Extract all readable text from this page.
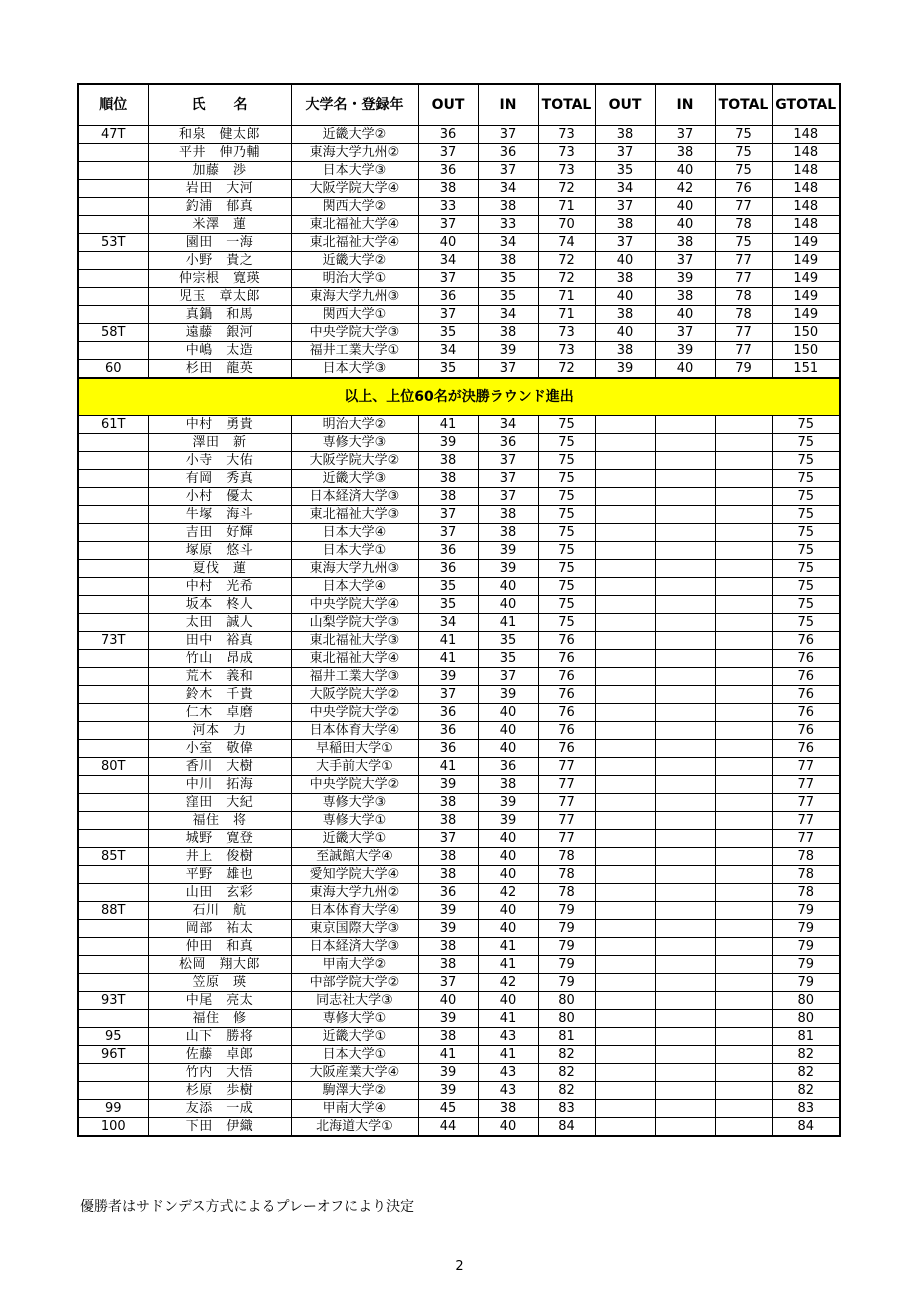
順位	氏　　名	大学名・登録年	OUT	IN	TOTAL	OUT	IN	TOTAL	GTOTAL
47T	和泉　健太郎	近畿大学②	36	37	73	38	37	75	148
	平井　伸乃輔	東海大学九州②	37	36	73	37	38	75	148
	加藤　渉	日本大学③	36	37	73	35	40	75	148
	岩田　大河	大阪学院大学④	38	34	72	34	42	76	148
	釣浦　郁真	関西大学②	33	38	71	37	40	77	148
	米澤　蓮	東北福祉大学④	37	33	70	38	40	78	148
53T	園田　一海	東北福祉大学④	40	34	74	37	38	75	149
	小野　貴之	近畿大学②	34	38	72	40	37	77	149
	仲宗根　寛瑛	明治大学①	37	35	72	38	39	77	149
	児玉　章太郎	東海大学九州③	36	35	71	40	38	78	149
	真鍋　和馬	関西大学①	37	34	71	38	40	78	149
58T	遠藤　銀河	中央学院大学③	35	38	73	40	37	77	150
	中嶋　太造	福井工業大学①	34	39	73	38	39	77	150
60	杉田　龍英	日本大学③	35	37	72	39	40	79	151
以上、上位60名が決勝ラウンド進出									
61T	中村　勇貴	明治大学②	41	34	75				75
	澤田　新	専修大学③	39	36	75				75
	小寺　大佑	大阪学院大学②	38	37	75				75
	有岡　秀真	近畿大学③	38	37	75				75
	小村　優太	日本経済大学③	38	37	75				75
	牛塚　海斗	東北福祉大学③	37	38	75				75
	吉田　好輝	日本大学④	37	38	75				75
	塚原　悠斗	日本大学①	36	39	75				75
	夏伐　蓮	東海大学九州③	36	39	75				75
	中村　光希	日本大学④	35	40	75				75
	坂本　柊人	中央学院大学④	35	40	75				75
	太田　誠人	山梨学院大学③	34	41	75				75
73T	田中　裕真	東北福祉大学③	41	35	76				76
	竹山　昂成	東北福祉大学④	41	35	76				76
	荒木　義和	福井工業大学③	39	37	76				76
	鈴木　千貴	大阪学院大学②	37	39	76				76
	仁木　卓磨	中央学院大学②	36	40	76				76
	河本　力	日本体育大学④	36	40	76				76
	小室　敬偉	早稲田大学①	36	40	76				76
80T	香川　大樹	大手前大学①	41	36	77				77
	中川　拓海	中央学院大学②	39	38	77				77
	窪田　大紀	専修大学③	38	39	77				77
	福住　将	専修大学①	38	39	77				77
	城野　寛登	近畿大学①	37	40	77				77
85T	井上　俊樹	至誠館大学④	38	40	78				78
	平野　雄也	愛知学院大学④	38	40	78				78
	山田　玄彩	東海大学九州②	36	42	78				78
88T	石川　航	日本体育大学④	39	40	79				79
	岡部　祐太	東京国際大学③	39	40	79				79
	仲田　和真	日本経済大学③	38	41	79				79
	松岡　翔大郎	甲南大学②	38	41	79				79
	笠原　瑛	中部学院大学②	37	42	79				79
93T	中尾　亮太	同志社大学③	40	40	80				80
	福住　修	専修大学①	39	41	80				80
95	山下　勝将	近畿大学①	38	43	81				81
96T	佐藤　卓郎	日本大学①	41	41	82				82
	竹内　大悟	大阪産業大学④	39	43	82				82
	杉原　歩樹	駒澤大学②	39	43	82				82
99	友添　一成	甲南大学④	45	38	83				83
100	下田　伊織	北海道大学①	44	40	84				84
優勝者はサドンデス方式によるプレーオフにより決定
2
